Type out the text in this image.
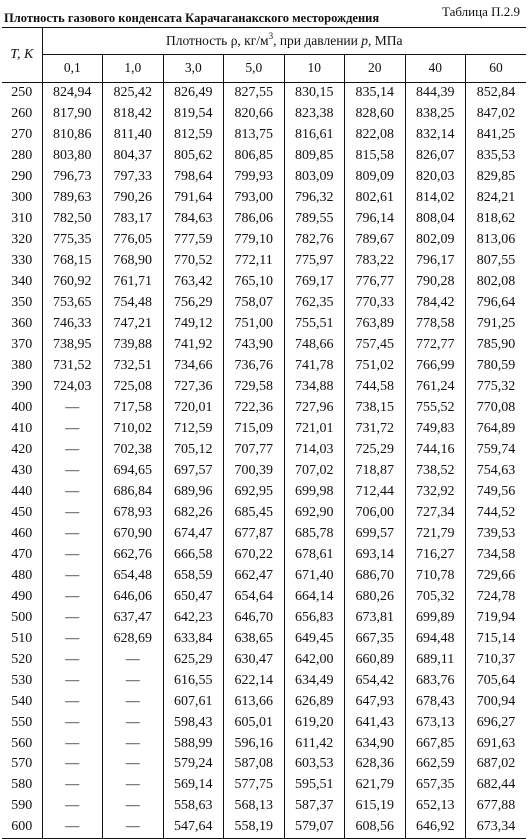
Плотность газового конденсата Карачаганакского месторождения	Таблица П.2.9
T, K	Плотность ρ, $кг/м^3$, при давлении p, МПа							
	0,1	1,0	3,0	5,0	10	20	40	60
250	824,94	825,42	826,49	827,55	830,15	835,14	844,39	852,84
260	817,90	818,42	819,54	820,66	823,38	828,60	838,25	847,02
270	810,86	811,40	812,59	813,75	816,61	822,08	832,14	841,25
280	803,80	804,37	805,62	806,85	809,85	815,58	826,07	835,53
290	796,73	797,33	798,64	799,93	803,09	809,09	820,03	829,85
300	789,63	790,26	791,64	793,00	796,32	802,61	814,02	824,21
310	782,50	783,17	784,63	786,06	789,55	796,14	808,04	818,62
320	775,35	776,05	777,59	779,10	782,76	789,67	802,09	813,06
330	768,15	768,90	770,52	772,11	775,97	783,22	796,17	807,55
340	760,92	761,71	763,42	765,10	769,17	776,77	790,28	802,08
350	753,65	754,48	756,29	758,07	762,35	770,33	784,42	796,64
360	746,33	747,21	749,12	751,00	755,51	763,89	778,58	791,25
370	738,95	739,88	741,92	743,90	748,66	757,45	772,77	785,90
380	731,52	732,51	734,66	736,76	741,78	751,02	766,99	780,59
390	724,03	725,08	727,36	729,58	734,88	744,58	761,24	775,32
400	—	717,58	720,01	722,36	727,96	738,15	755,52	770,08
410	—	710,02	712,59	715,09	721,01	731,72	749,83	764,89
420	—	702,38	705,12	707,77	714,03	725,29	744,16	759,74
430	—	694,65	697,57	700,39	707,02	718,87	738,52	754,63
440	—	686,84	689,96	692,95	699,98	712,44	732,92	749,56
450	—	678,93	682,26	685,45	692,90	706,00	727,34	744,52
460	—	670,90	674,47	677,87	685,78	699,57	721,79	739,53
470	—	662,76	666,58	670,22	678,61	693,14	716,27	734,58
480	—	654,48	658,59	662,47	671,40	686,70	710,78	729,66
490	—	646,06	650,47	654,64	664,14	680,26	705,32	724,78
500	—	637,47	642,23	646,70	656,83	673,81	699,89	719,94
510	—	628,69	633,84	638,65	649,45	667,35	694,48	715,14
520	—	—	625,29	630,47	642,00	660,89	689,11	710,37
530	—	—	616,55	622,14	634,49	654,42	683,76	705,64
540	—	—	607,61	613,66	626,89	647,93	678,43	700,94
550	—	—	598,43	605,01	619,20	641,43	673,13	696,27
560	—	—	588,99	596,16	611,42	634,90	667,85	691,63
570	—	—	579,24	587,08	603,53	628,36	662,59	687,02
580	—	—	569,14	577,75	595,51	621,79	657,35	682,44
590	—	—	558,63	568,13	587,37	615,19	652,13	677,88
600	—	—	547,64	558,19	579,07	608,56	646,92	673,34
